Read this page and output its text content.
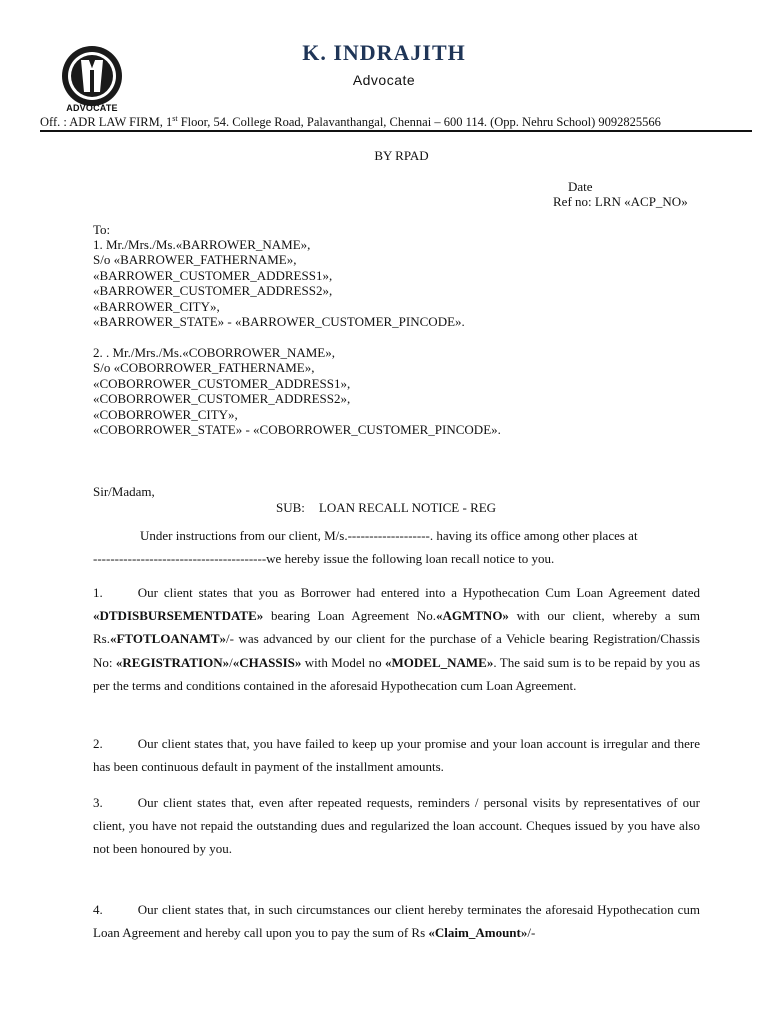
ADVOCATE
K. INDRAJITH
Advocate
Off. : ADR LAW FIRM, 1st Floor, 54. College Road, Palavanthangal, Chennai – 600 114. (Opp. Nehru School) 9092825566
BY RPAD
Date
Ref no: LRN «ACP_NO»
To:
1. Mr./Mrs./Ms.«BARROWER_NAME»,
S/o «BARROWER_FATHERNAME»,
«BARROWER_CUSTOMER_ADDRESS1»,
«BARROWER_CUSTOMER_ADDRESS2»,
«BARROWER_CITY»,
«BARROWER_STATE» - «BARROWER_CUSTOMER_PINCODE».
2. . Mr./Mrs./Ms.«COBORROWER_NAME»,
S/o «COBORROWER_FATHERNAME»,
«COBORROWER_CUSTOMER_ADDRESS1»,
«COBORROWER_CUSTOMER_ADDRESS2»,
«COBORROWER_CITY»,
«COBORROWER_STATE» - «COBORROWER_CUSTOMER_PINCODE».
Sir/Madam,
SUB: LOAN RECALL NOTICE - REG
Under instructions from our client, M/s.-------------------. having its office among other places at
----------------------------------------we hereby issue the following loan recall notice to you.
1.	Our client states that you as Borrower had entered into a Hypothecation Cum Loan Agreement dated «DTDISBURSEMENTDATE» bearing Loan Agreement No.«AGMTNO» with our client, whereby a sum Rs.«FTOTLOANAMT»/- was advanced by our client for the purchase of a Vehicle bearing Registration/Chassis No: «REGISTRATION»/«CHASSIS» with Model no «MODEL_NAME». The said sum is to be repaid by you as per the terms and conditions contained in the aforesaid Hypothecation cum Loan Agreement.
2.	Our client states that, you have failed to keep up your promise and your loan account is irregular and there has been continuous default in payment of the installment amounts.
3.	Our client states that, even after repeated requests, reminders / personal visits by representatives of our client, you have not repaid the outstanding dues and regularized the loan account. Cheques issued by you have also not been honoured by you.
4.	Our client states that, in such circumstances our client hereby terminates the aforesaid Hypothecation cum Loan Agreement and hereby call upon you to pay the sum of Rs «Claim_Amount»/-
